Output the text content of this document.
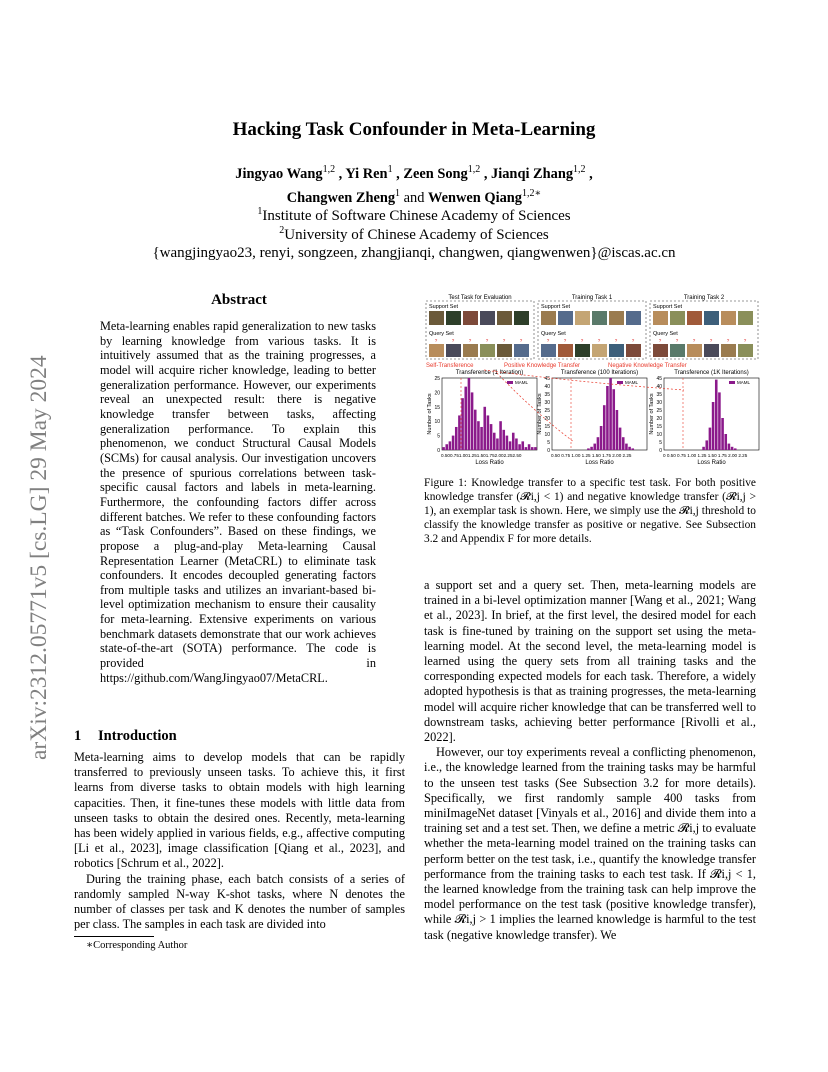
arXiv:2312.05771v5 [cs.LG] 29 May 2024
Hacking Task Confounder in Meta-Learning
Jingyao Wang$^{1,2}$ , Yi Ren$^1$ , Zeen Song$^{1,2}$ , Jianqi Zhang$^{1,2}$ ,
Changwen Zheng$^1$ and Wenwen Qiang$^{1,2∗}$
$^1$Institute of Software Chinese Academy of Sciences
$^2$University of Chinese Academy of Sciences
{wangjingyao23, renyi, songzeen, zhangjianqi, changwen, qiangwenwen}@iscas.ac.cn
Abstract
Meta-learning enables rapid generalization to new tasks by learning knowledge from various tasks. It is intuitively assumed that as the training progresses, a model will acquire richer knowledge, leading to better generalization performance. However, our experiments reveal an unexpected result: there is negative knowledge transfer between tasks, affecting generalization performance. To explain this phenomenon, we conduct Structural Causal Models (SCMs) for causal analysis. Our investigation uncovers the presence of spurious correlations between task-specific causal factors and labels in meta-learning. Furthermore, the confounding factors differ across different batches. We refer to these confounding factors as “Task Confounders”. Based on these findings, we propose a plug-and-play Meta-learning Causal Representation Learner (MetaCRL) to eliminate task confounders. It encodes decoupled generating factors from multiple tasks and utilizes an invariant-based bi-level optimization mechanism to ensure their causality for meta-learning. Extensive experiments on various benchmark datasets demonstrate that our work achieves state-of-the-art (SOTA) performance. The code is provided in https://github.com/WangJingyao07/MetaCRL.
1 Introduction

Meta-learning aims to develop models that can be rapidly transferred to previously unseen tasks. To achieve this, it first learns from diverse tasks to obtain models with high learning capacities. Then, it fine-tunes these models with little data from unseen tasks to obtain the desired ones. Recently, meta-learning has been widely applied in various fields, e.g., affective computing [Li et al., 2023], image classification [Qiang et al., 2023], and robotics [Schrum et al., 2022].

During the training phase, each batch consists of a series of randomly sampled N-way K-shot tasks, where N denotes the number of classes per task and K denotes the number of samples per class. The samples in each task are divided into

∗Corresponding Author
Test Task for Evaluation
Support Set
Query Set
?	?	?	?	?	?
Training Task 1
Support Set
Query Set
?	?	?	?	?	?
Training Task 2
Support Set
Query Set
?	?	?	?	?	?
Self-Transference	Positive Knowledge Transfer	Negative Knowledge Transfer
Transference (1 Iteration)
25
20
15
10
5
0
MAML
0.500.751.001.251.501.752.002.252.50
Loss Ratio
Number of Tasks
Transference (100 Iterations)
45
40
35
30
25
20
15
10
5
0
MAML
0.50 0.75 1.00 1.25 1.50 1.75 2.00 2.25
Loss Ratio
Number of Tasks
Transference (1K Iterations)
45
40
35
30
25
20
15
10
5
0
MAML
0 0.50 0.75 1.00 1.25 1.50 1.75 2.00 2.25
Loss Ratio
Number of Tasks
Figure 1: Knowledge transfer to a specific test task. For both positive knowledge transfer (𝓡i,j < 1) and negative knowledge transfer (𝓡i,j > 1), an exemplar task is shown. Here, we simply use the 𝓡i,j threshold to classify the knowledge transfer as positive or negative. See Subsection 3.2 and Appendix F for more details.

a support set and a query set. Then, meta-learning models are trained in a bi-level optimization manner [Wang et al., 2021; Wang et al., 2023]. In brief, at the first level, the desired model for each task is fine-tuned by training on the support set using the meta-learning model. At the second level, the meta-learning model is learned using the query sets from all training tasks and the corresponding expected models for each task. Therefore, a widely adopted hypothesis is that as training progresses, the meta-learning model will acquire richer knowledge that can be transferred well to downstream tasks, achieving better performance [Rivolli et al., 2022].

However, our toy experiments reveal a conflicting phenomenon, i.e., the knowledge learned from the training tasks may be harmful to the unseen test tasks (See Subsection 3.2 for more details). Specifically, we first randomly sample 400 tasks from miniImageNet dataset [Vinyals et al., 2016] and divide them into a training set and a test set. Then, we define a metric 𝓡i,j to evaluate whether the meta-learning model trained on the training tasks can perform better on the test task, i.e., quantify the knowledge transfer performance from the training tasks to each test task. If 𝓡i,j < 1, the learned knowledge from the training task can help improve the model performance on the test task (positive knowledge transfer), while 𝓡i,j > 1 implies the learned knowledge is harmful to the test task (negative knowledge transfer). We
